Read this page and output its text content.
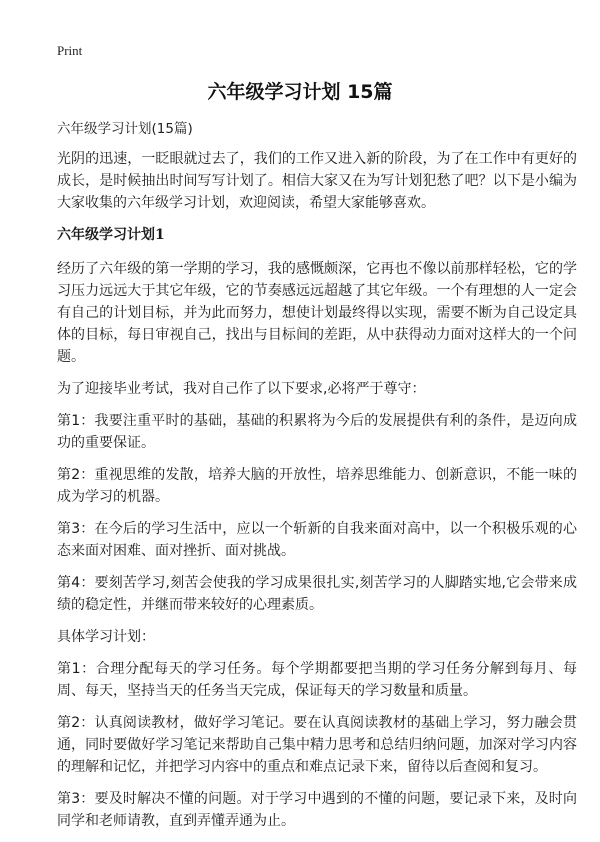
Print
六年级学习计划 15篇
六年级学习计划(15篇)

光阴的迅速，一眨眼就过去了，我们的工作又进入新的阶段，为了在工作中有更好的成长，是时候抽出时间写写计划了。相信大家又在为写计划犯愁了吧？以下是小编为大家收集的六年级学习计划，欢迎阅读，希望大家能够喜欢。

六年级学习计划1

经历了六年级的第一学期的学习，我的感慨颇深，它再也不像以前那样轻松，它的学习压力远远大于其它年级，它的节奏感远远超越了其它年级。一个有理想的人一定会有自己的计划目标，并为此而努力，想使计划最终得以实现，需要不断为自己设定具体的目标，每日审视自己，找出与目标间的差距，从中获得动力面对这样大的一个问题。

为了迎接毕业考试，我对自己作了以下要求,必将严于尊守：

第1：我要注重平时的基础，基础的积累将为今后的发展提供有利的条件，是迈向成功的重要保证。

第2：重视思维的发散，培养大脑的开放性，培养思维能力、创新意识，不能一味的成为学习的机器。

第3：在今后的学习生活中，应以一个斩新的自我来面对高中，以一个积极乐观的心态来面对困难、面对挫折、面对挑战。

第4：要刻苦学习,刻苦会使我的学习成果很扎实,刻苦学习的人脚踏实地,它会带来成绩的稳定性，并继而带来较好的心理素质。

具体学习计划：

第1：合理分配每天的学习任务。每个学期都要把当期的学习任务分解到每月、每周、每天，坚持当天的任务当天完成，保证每天的学习数量和质量。

第2：认真阅读教材，做好学习笔记。要在认真阅读教材的基础上学习，努力融会贯通，同时要做好学习笔记来帮助自己集中精力思考和总结归纳问题，加深对学习内容的理解和记忆，并把学习内容中的重点和难点记录下来，留待以后查阅和复习。

第3：要及时解决不懂的问题。对于学习中遇到的不懂的问题，要记录下来，及时向同学和老师请教，直到弄懂弄通为止。
